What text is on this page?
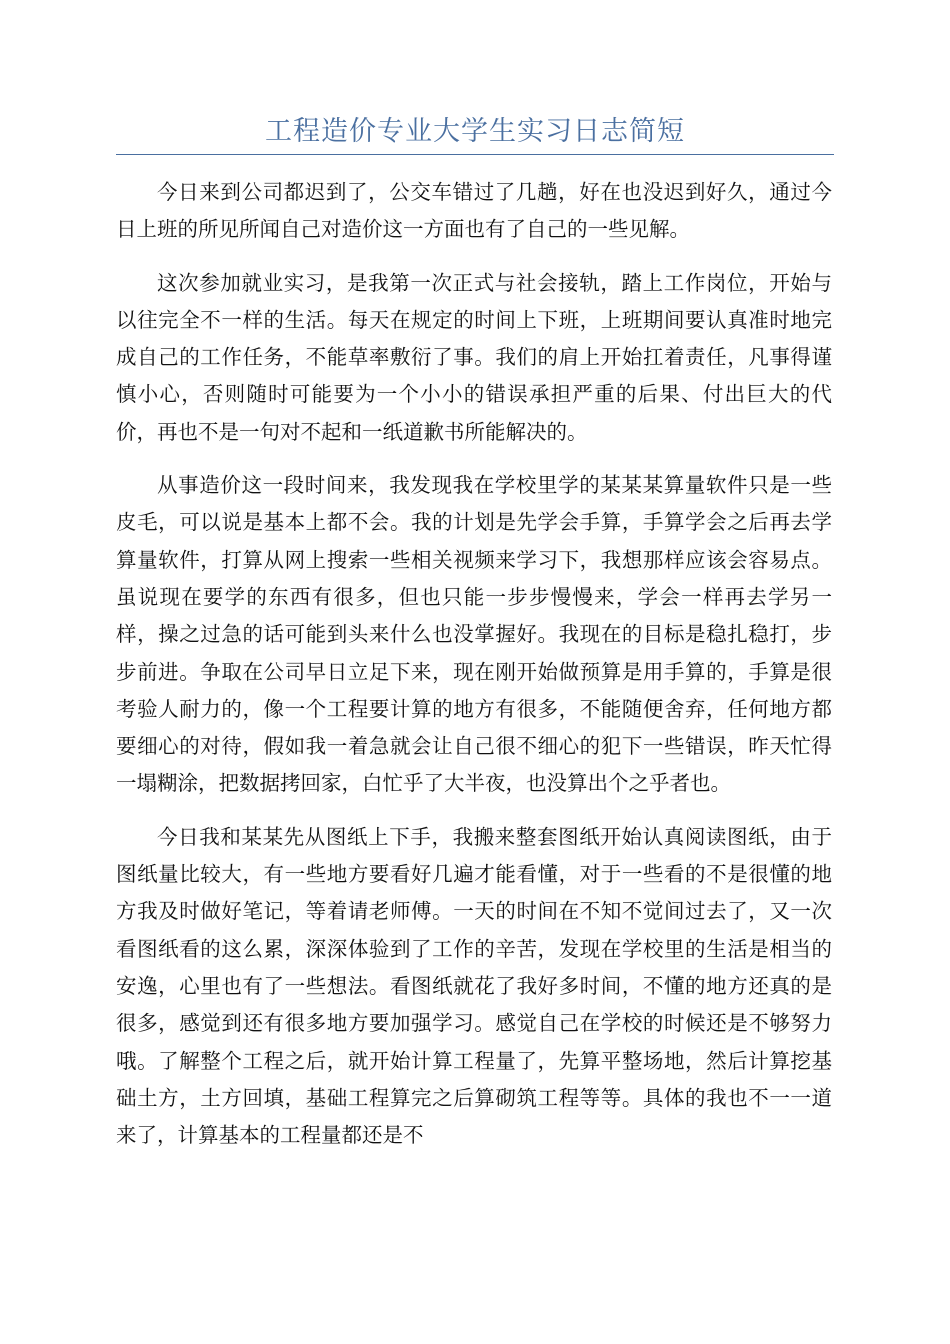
工程造价专业大学生实习日志简短

今日来到公司都迟到了，公交车错过了几趟，好在也没迟到好久，通过今日上班的所见所闻自己对造价这一方面也有了自己的一些见解。

这次参加就业实习，是我第一次正式与社会接轨，踏上工作岗位，开始与以往完全不一样的生活。每天在规定的时间上下班，上班期间要认真准时地完成自己的工作任务，不能草率敷衍了事。我们的肩上开始扛着责任，凡事得谨慎小心，否则随时可能要为一个小小的错误承担严重的后果、付出巨大的代价，再也不是一句对不起和一纸道歉书所能解决的。

从事造价这一段时间来，我发现我在学校里学的某某某算量软件只是一些皮毛，可以说是基本上都不会。我的计划是先学会手算，手算学会之后再去学算量软件，打算从网上搜索一些相关视频来学习下，我想那样应该会容易点。虽说现在要学的东西有很多，但也只能一步步慢慢来，学会一样再去学另一样，操之过急的话可能到头来什么也没掌握好。我现在的目标是稳扎稳打，步步前进。争取在公司早日立足下来，现在刚开始做预算是用手算的，手算是很考验人耐力的，像一个工程要计算的地方有很多，不能随便舍弃，任何地方都要细心的对待，假如我一着急就会让自己很不细心的犯下一些错误，昨天忙得一塌糊涂，把数据拷回家，白忙乎了大半夜，也没算出个之乎者也。

今日我和某某先从图纸上下手，我搬来整套图纸开始认真阅读图纸，由于图纸量比较大，有一些地方要看好几遍才能看懂，对于一些看的不是很懂的地方我及时做好笔记，等着请老师傅。一天的时间在不知不觉间过去了，又一次看图纸看的这么累，深深体验到了工作的辛苦，发现在学校里的生活是相当的安逸，心里也有了一些想法。看图纸就花了我好多时间，不懂的地方还真的是很多，感觉到还有很多地方要加强学习。感觉自己在学校的时候还是不够努力哦。了解整个工程之后，就开始计算工程量了，先算平整场地，然后计算挖基础土方，土方回填，基础工程算完之后算砌筑工程等等。具体的我也不一一道来了，计算基本的工程量都还是不
